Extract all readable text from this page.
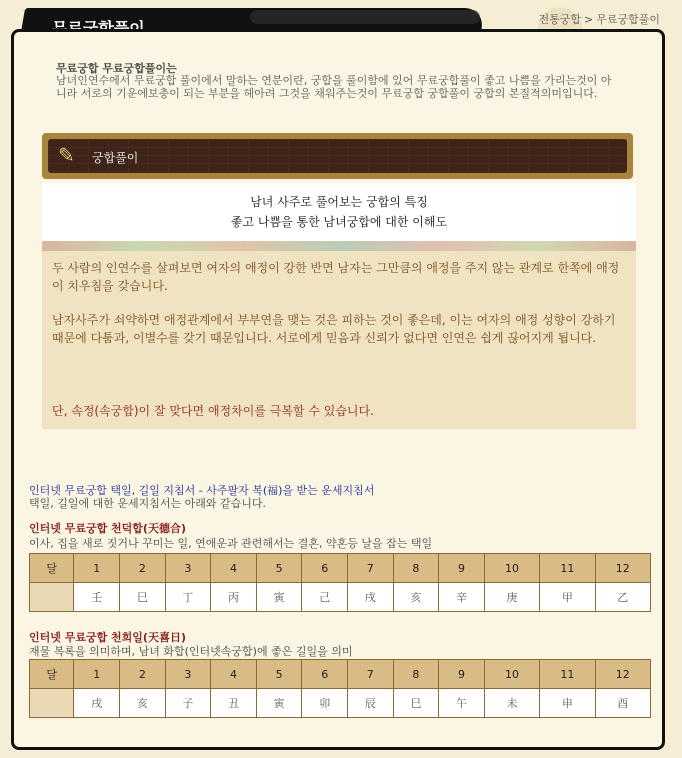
전통궁합 > 무료궁합풀이
무료궁합 무료궁합풀이는
남녀인연수에서 무료궁합 풀이에서 말하는 연분이란, 궁합을 풀이함에 있어 무료궁합풀이 좋고 나쁨을 가리는것이 아니라 서로의 기운에보충이 되는 부분을 헤아려 그것을 채워주는것이 무료궁합 궁합풀이 궁합의 본질적의미입니다.
✎ 궁합풀이
남녀 사주로 풀어보는 궁합의 특징
좋고 나쁨을 통한 남녀궁합에 대한 이해도
두 사람의 인연수를 살펴보면 여자의 애정이 강한 반면 남자는 그만큼의 애정을 주지 않는 관계로 한쪽에 애정이 치우침을 갖습니다.
남자사주가 쇠약하면 애정관계에서 부부연을 맺는 것은 피하는 것이 좋은데, 이는 여자의 애정 성향이 강하기 때문에 다툼과, 이별수를 갖기 때문입니다. 서로에게 믿음과 신뢰가 없다면 인연은 쉽게 끊어지게 됩니다.
단, 속정(속궁합)이 잘 맞다면 애정차이를 극복할 수 있습니다.
인터넷 무료궁합 택일, 길일 지침서 - 사주팔자 복(福)을 받는 운세지침서
택일, 길일에 대한 운세지침서는 아래와 같습니다.
인터넷 무료궁합 천덕합(天德合)
이사, 집을 새로 짓거나 꾸미는 일, 연애운과 관련해서는 결혼, 약혼등 날을 잡는 택일
달	1	2	3	4	5	6	7	8	9	10	11	12
	壬	巳	丁	丙	寅	己	戌	亥	辛	庚	甲	乙
인터넷 무료궁합 천희일(天喜日)
재물 복록을 의미하며, 남녀 화합(인터넷속궁합)에 좋은 길일을 의미
달	1	2	3	4	5	6	7	8	9	10	11	12
	戌	亥	子	丑	寅	卯	辰	巳	午	未	申	酉
